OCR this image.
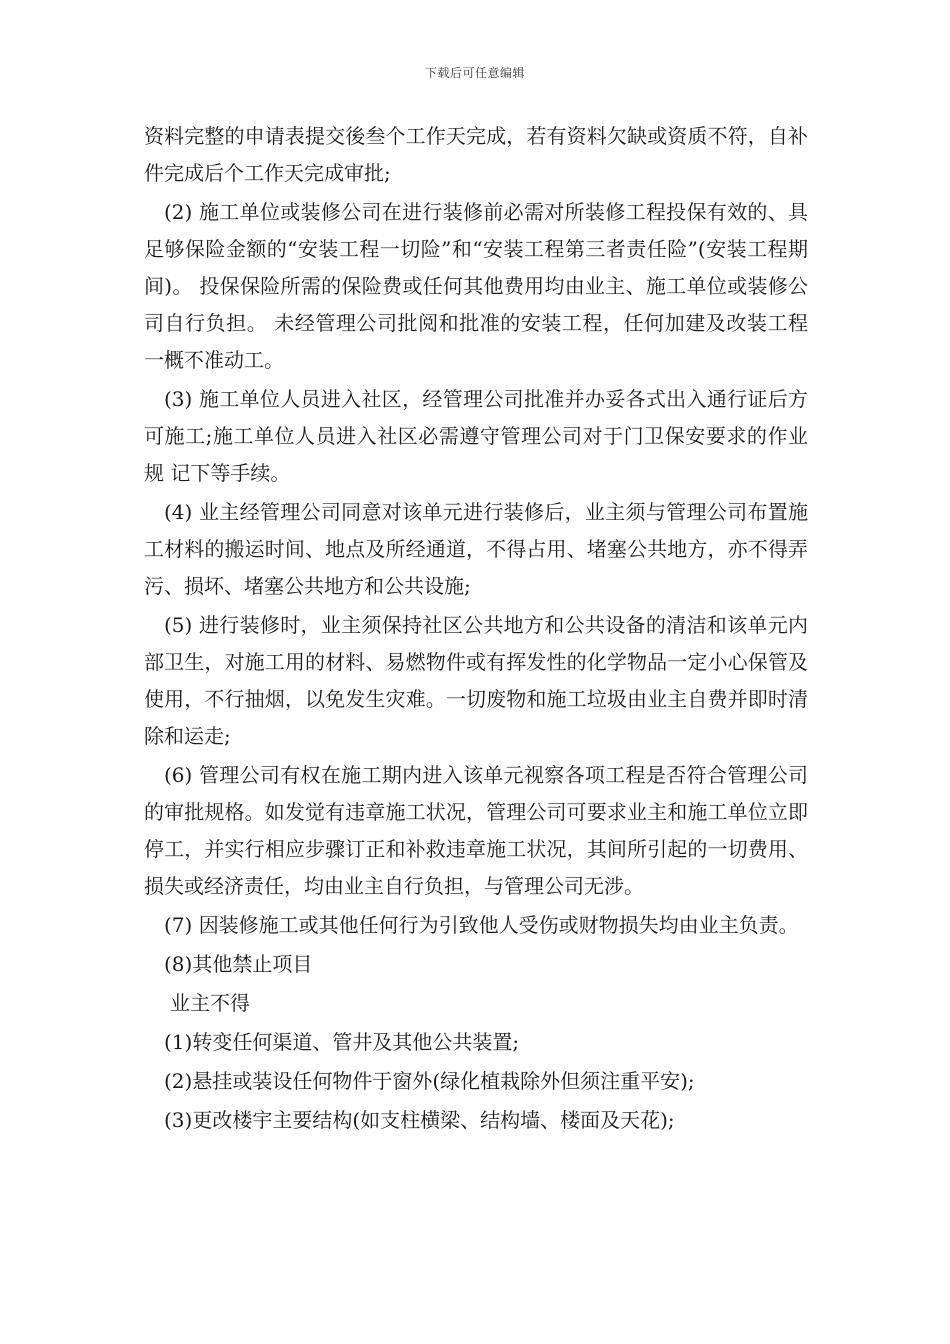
下载后可任意编辑

资料完整的申请表提交後叁个工作天完成，若有资料欠缺或资质不符，自补件完成后个工作天完成审批;

(2) 施工单位或装修公司在进行装修前必需对所装修工程投保有效的、具足够保险金额的“安装工程一切险”和“安装工程第三者责任险”(安装工程期间)。 投保保险所需的保险费或任何其他费用均由业主、施工单位或装修公司自行负担。 未经管理公司批阅和批准的安装工程，任何加建及改装工程一概不准动工。

(3) 施工单位人员进入社区，经管理公司批准并办妥各式出入通行证后方可施工;施工单位人员进入社区必需遵守管理公司对于门卫保安要求的作业规 记下等手续。

(4) 业主经管理公司同意对该单元进行装修后，业主须与管理公司布置施工材料的搬运时间、地点及所经通道，不得占用、堵塞公共地方，亦不得弄污、损坏、堵塞公共地方和公共设施;

(5) 进行装修时，业主须保持社区公共地方和公共设备的清洁和该单元内部卫生，对施工用的材料、易燃物件或有挥发性的化学物品一定小心保管及使用，不行抽烟，以免发生灾难。一切废物和施工垃圾由业主自费并即时清除和运走;

(6) 管理公司有权在施工期内进入该单元视察各项工程是否符合管理公司的审批规格。如发觉有违章施工状况，管理公司可要求业主和施工单位立即停工，并实行相应步骤订正和补救违章施工状况，其间所引起的一切费用、损失或经济责任，均由业主自行负担，与管理公司无涉。

(7) 因装修施工或其他任何行为引致他人受伤或财物损失均由业主负责。

(8)其他禁止项目

业主不得

(1)转变任何渠道、管井及其他公共装置;

(2)悬挂或装设任何物件于窗外(绿化植栽除外但须注重平安);

(3)更改楼宇主要结构(如支柱横梁、结构墙、楼面及天花);
